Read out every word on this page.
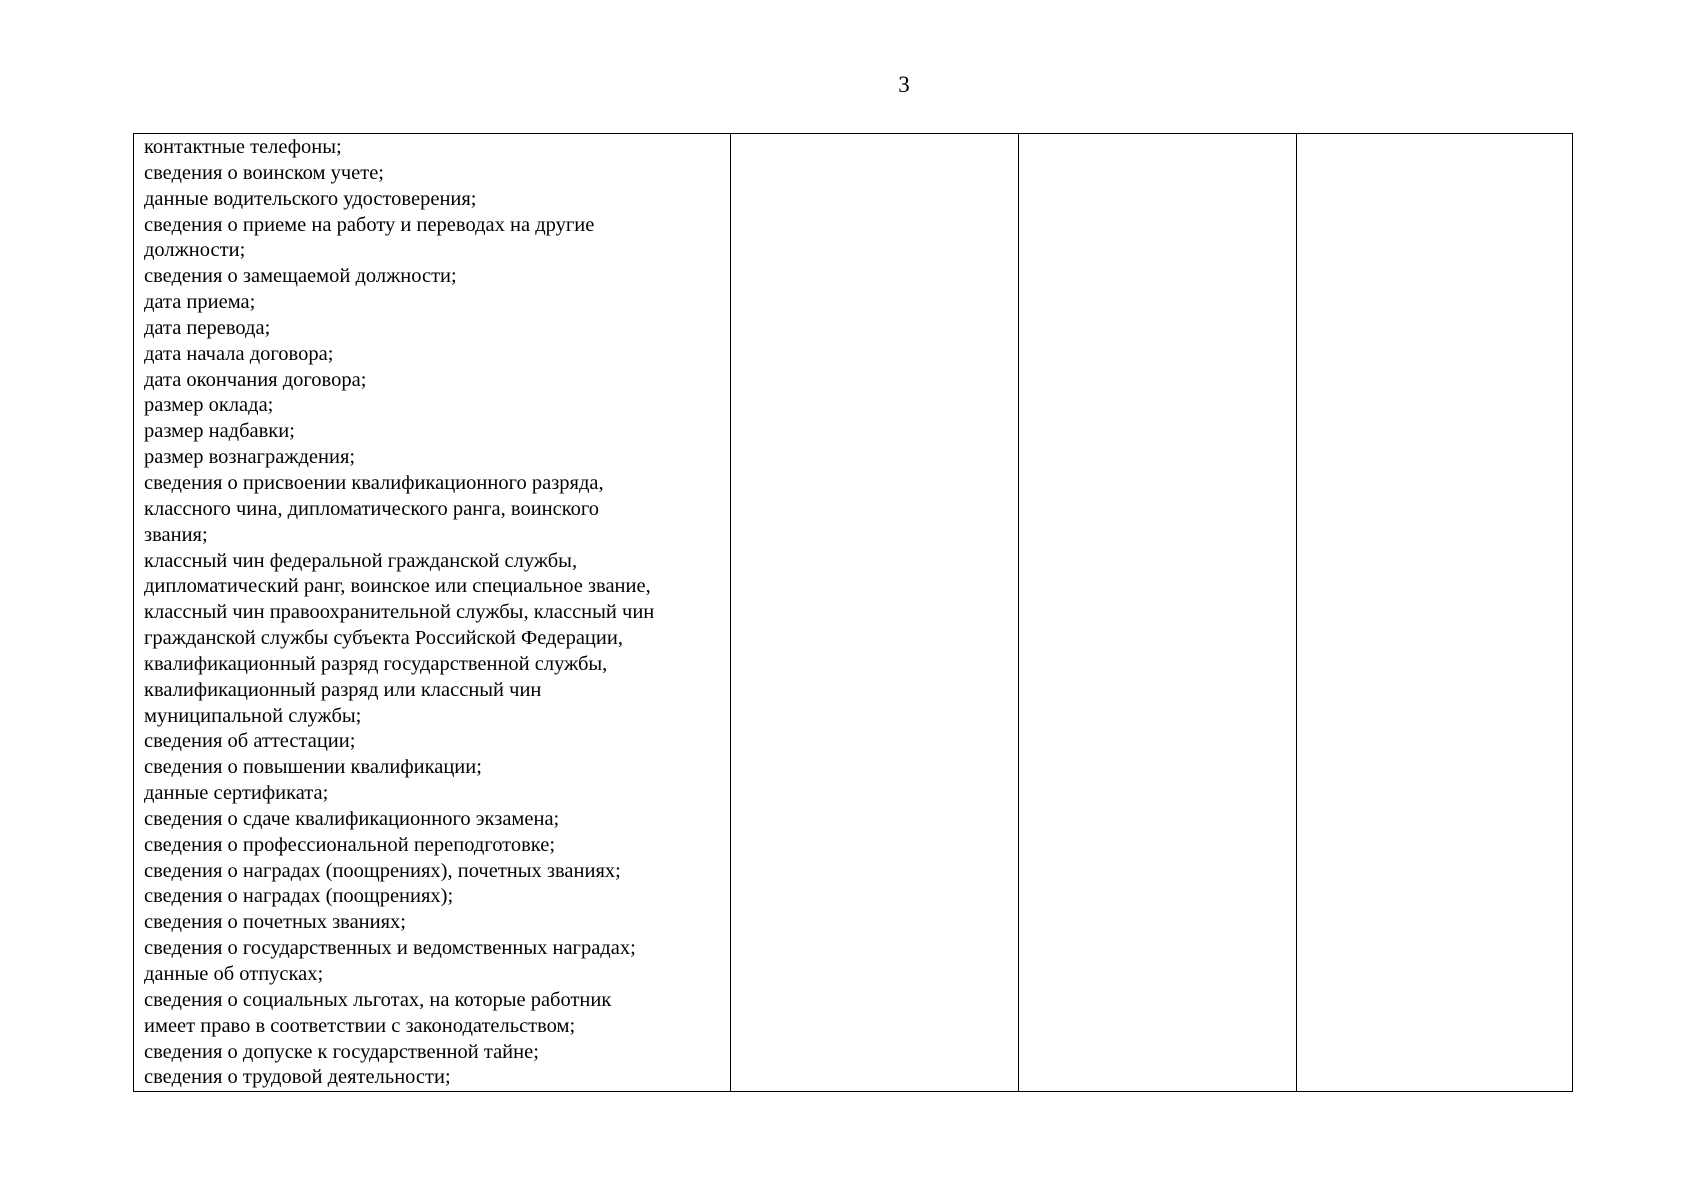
3
контактные телефоны;
сведения о воинском учете;
данные водительского удостоверения;
сведения о приеме на работу и переводах на другие
должности;
сведения о замещаемой должности;
дата приема;
дата перевода;
дата начала договора;
дата окончания договора;
размер оклада;
размер надбавки;
размер вознаграждения;
сведения о присвоении квалификационного разряда,
классного чина, дипломатического ранга, воинского
звания;
классный чин федеральной гражданской службы,
дипломатический ранг, воинское или специальное звание,
классный чин правоохранительной службы, классный чин
гражданской службы субъекта Российской Федерации,
квалификационный разряд государственной службы,
квалификационный разряд или классный чин
муниципальной службы;
сведения об аттестации;
сведения о повышении квалификации;
данные сертификата;
сведения о сдаче квалификационного экзамена;
сведения о профессиональной переподготовке;
сведения о наградах (поощрениях), почетных званиях;
сведения о наградах (поощрениях);
сведения о почетных званиях;
сведения о государственных и ведомственных наградах;
данные об отпусках;
сведения о социальных льготах, на которые работник
имеет право в соответствии с законодательством;
сведения о допуске к государственной тайне;
сведения о трудовой деятельности;
